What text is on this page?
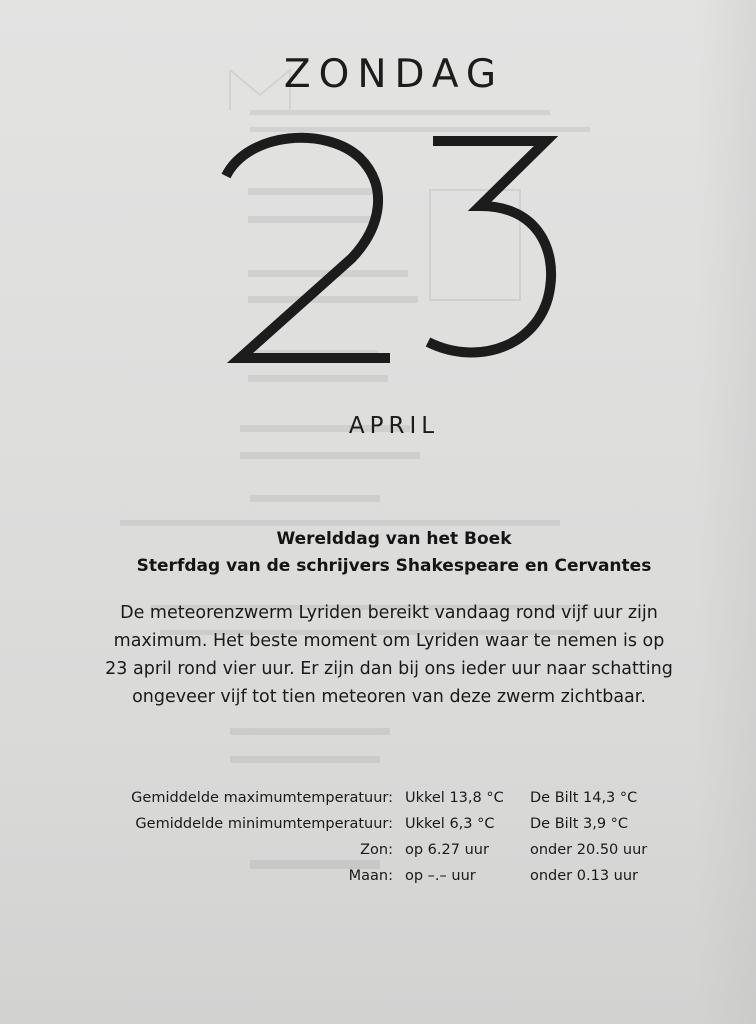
ZONDAG
APRIL
Werelddag van het Boek
Sterfdag van de schrijvers Shakespeare en Cervantes
De meteorenzwerm Lyriden bereikt vandaag rond vijf uur zijn
maximum. Het beste moment om Lyriden waar te nemen is op
23 april rond vier uur. Er zijn dan bij ons ieder uur naar schatting
ongeveer vijf tot tien meteoren van deze zwerm zichtbaar.
Gemiddelde maximumtemperatuur: Ukkel 13,8 °C De Bilt 14,3 °C
Gemiddelde minimumtemperatuur: Ukkel 6,3 °C De Bilt 3,9 °C
Zon: op 6.27 uur	onder 20.50 uur
Maan: op –.– uur	onder 0.13 uur
